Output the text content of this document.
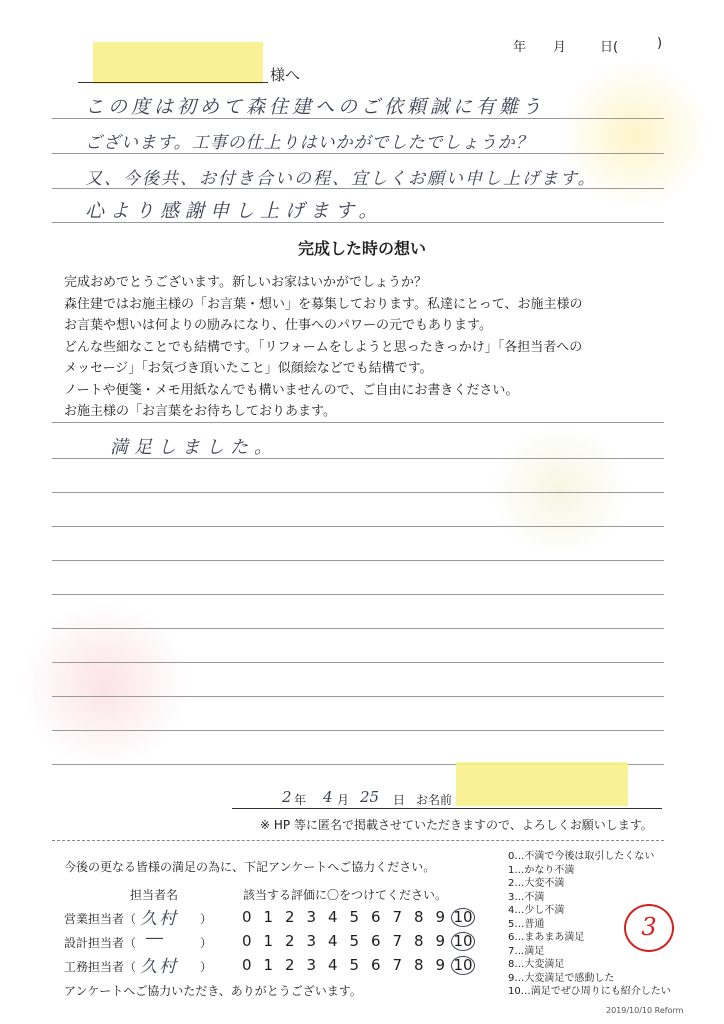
年 月	日(	)
様へ
この度は初めて森住建へのご依頼誠に有難う
ございます。工事の仕上りはいかがでしたでしょうか？
又、今後共、お付き合いの程、宜しくお願い申し上げます。
心より感謝申し上げます。
完成した時の想い
完成おめでとうございます。新しいお家はいかがでしょうか？
森住建ではお施主様の「お言葉・想い」を募集しております。私達にとって、お施主様の
お言葉や想いは何よりの励みになり、仕事へのパワーの元でもあります。
どんな些細なことでも結構です。「リフォームをしようと思ったきっかけ」「各担当者への
メッセージ」「お気づき頂いたこと」似顔絵などでも結構です。
ノートや便箋・メモ用紙なんでも構いませんので、ご自由にお書きください。
お施主様の「お言葉をお待ちしておりあます。
満足しました。
2 年 4 月 25 日 お名前
※ HP 等に匿名で掲載させていただきますので、よろしくお願いします。
今後の更なる皆様の満足の為に、下記アンケートへご協力ください。
担当者名	該当する評価に〇をつけてください。
営業担当者（ 久村 ）	0 1 2 3 4 5 6 7 8 9 10
設計担当者（ ―	）	0 1 2 3 4 5 6 7 8 9 10
工務担当者（ 久村 ）	0 1 2 3 4 5 6 7 8 9 10
アンケートへご協力いただき、ありがとうございます。
0…不満で今後は取引したくない
1…かなり不満
2…大変不満
3…不満
4…少し不満
5…普通
6…まあまあ満足
7…満足
8…大変満足
9…大変満足で感動した
10…満足でぜひ周りにも紹介したい
3
2019/10/10 Reform
